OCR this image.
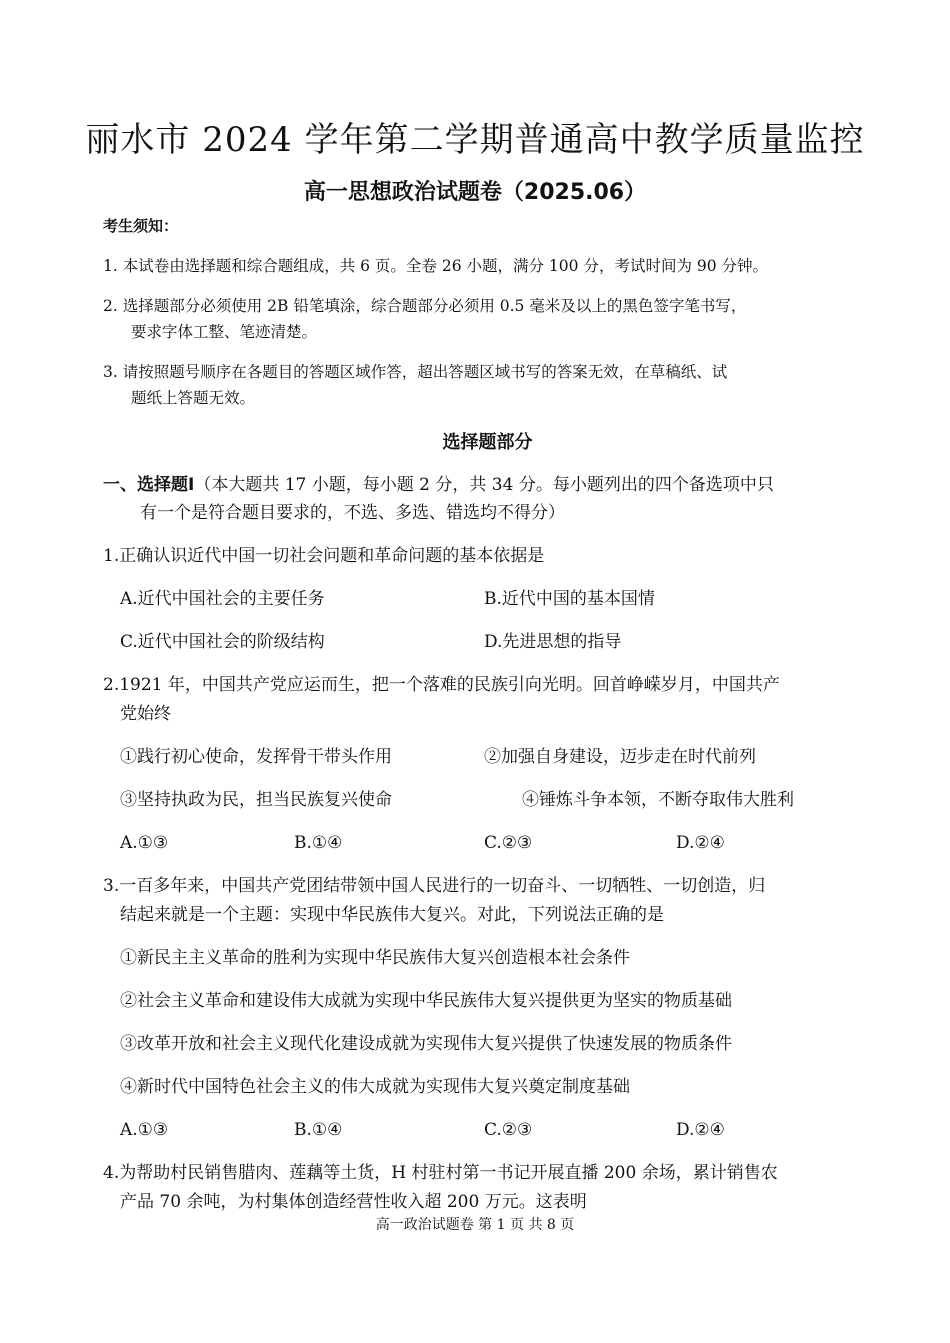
丽水市 2024 学年第二学期普通高中教学质量监控
高一思想政治试题卷（2025.06）
考生须知：
1. 本试卷由选择题和综合题组成，共 6 页。全卷 26 小题，满分 100 分，考试时间为 90 分钟。
2. 选择题部分必须使用 2B 铅笔填涂，综合题部分必须用 0.5 毫米及以上的黑色签字笔书写，
要求字体工整、笔迹清楚。
3. 请按照题号顺序在各题目的答题区域作答，超出答题区域书写的答案无效，在草稿纸、试
题纸上答题无效。
选择题部分
一、选择题Ⅰ（本大题共 17 小题，每小题 2 分，共 34 分。每小题列出的四个备选项中只
有一个是符合题目要求的，不选、多选、错选均不得分）
1.正确认识近代中国一切社会问题和革命问题的基本依据是
A.近代中国社会的主要任务	B.近代中国的基本国情
C.近代中国社会的阶级结构	D.先进思想的指导
2.1921 年，中国共产党应运而生，把一个落难的民族引向光明。回首峥嵘岁月，中国共产
党始终
①践行初心使命，发挥骨干带头作用	②加强自身建设，迈步走在时代前列
③坚持执政为民，担当民族复兴使命	④锤炼斗争本领，不断夺取伟大胜利
A.①③	B.①④	C.②③	D.②④
3.一百多年来，中国共产党团结带领中国人民进行的一切奋斗、一切牺牲、一切创造，归
结起来就是一个主题：实现中华民族伟大复兴。对此，下列说法正确的是
①新民主主义革命的胜利为实现中华民族伟大复兴创造根本社会条件
②社会主义革命和建设伟大成就为实现中华民族伟大复兴提供更为坚实的物质基础
③改革开放和社会主义现代化建设成就为实现伟大复兴提供了快速发展的物质条件
④新时代中国特色社会主义的伟大成就为实现伟大复兴奠定制度基础
A.①③	B.①④	C.②③	D.②④
4.为帮助村民销售腊肉、莲藕等土货，H 村驻村第一书记开展直播 200 余场，累计销售农
产品 70 余吨，为村集体创造经营性收入超 200 万元。这表明
高一政治试题卷 第 1 页 共 8 页
